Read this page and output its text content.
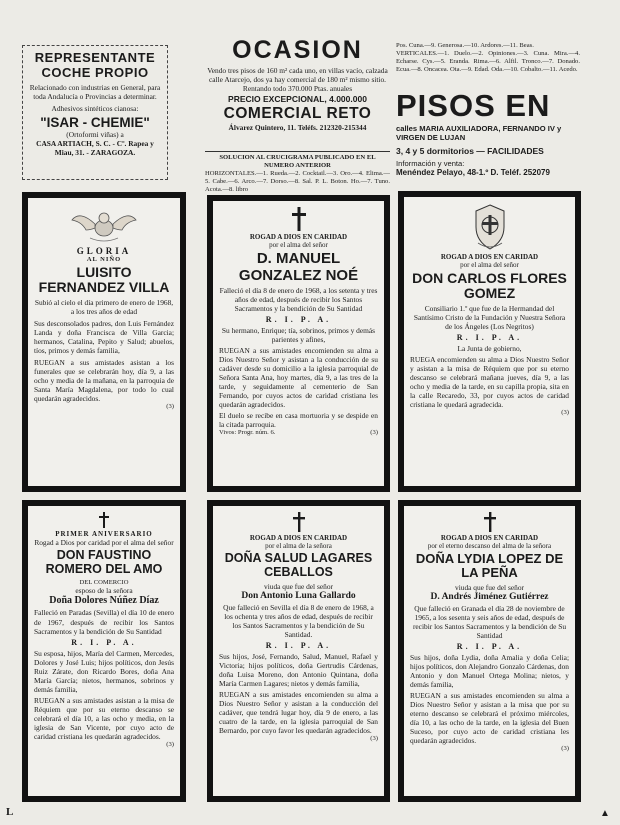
REPRESENTANTE
COCHE PROPIO

Relacionado con industrias en General, para toda Andalucía o Provincias a determinar.

Adhesivos sintéticos cianosa:

"ISAR - CHEMIE"

(Ortoformi viñas) a

CASA ARTIACH, S. C. - Cº. Rapea y Miau, 31. - ZARAGOZA.

OCASION

Vendo tres pisos de 160 m² cada uno, en villas vacío, calzada calle Atarcejo, dos ya hay comercial de 180 m² mismo sitio. Rentando todo 370.000 Ptas. anuales

PRECIO EXCEPCIONAL, 4.000.000
COMERCIAL RETO

Álvarez Quintero, 11. Teléfs. 212320-215344

SOLUCION AL CRUCIGRAMA PUBLICADO EN EL NUMERO ANTERIOR

HORIZONTALES.—1. Rueda.—2. Cocktail.—3. Oro.—4. Elima.—5. Cabe.—6. Arco.—7. Dorso.—8. Sal. P. L. Boton. Ho.—7. Tuno. Acota.—8. libro

Pos. Cuna.—9. Generosa.—10. Ardores.—11. Beas.

VERTICALES.—1. Duelo.—2. Opiniones.—3. Cuna. Mira.—4. Echarse. Cys.—5. Eranda. Rima.—6. Alfil. Tronco.—7. Donado. Ecua.—8. Oncacea. Ota.—9. Edad. Oda.—10. Cobalto.—11. Acedo.

PISOS EN

calles MARIA AUXILIADORA, FERNANDO IV y VIRGEN DE LUJAN

3, 4 y 5 dormitorios — FACILIDADES

Información y venta:

Menéndez Pelayo, 48-1.º D. Teléf. 252079

GLORIA
AL NIÑO
LUISITO FERNANDEZ VILLA

Subió al cielo el día primero de enero de 1968, a los tres años de edad

Sus desconsolados padres, don Luis Fernández Landa y doña Francisca de Villa Garcia; hermanos, Catalina, Pepito y Salud; abuelos, tíos, primos y demás familia,

RUEGAN a sus amistades asistan a los funerales que se celebrarán hoy, día 9, a las ocho y media de la mañana, en la parroquia de Santa María Magdalena, por todo lo cual quedarán agradecidos.

(3)
ROGAD A DIOS EN CARIDAD
por el alma del señor
D. MANUEL GONZALEZ NOÉ

Falleció el día 8 de enero de 1968, a los setenta y tres años de edad, después de recibir los Santos Sacramentos y la bendición de Su Santidad

R. I. P. A.

Su hermano, Enrique; tía, sobrinos, primos y demás parientes y afines,

RUEGAN a sus amistades encomienden su alma a Dios Nuestro Señor y asistan a la conducción de su cadáver desde su domicilio a la iglesia parroquial de Señora Santa Ana, hoy martes, día 9, a las tres de la tarde, y seguidamente al cementerio de San Fernando, por cuyos actos de caridad cristiana les quedarán agradecidos.

El duelo se recibe en casa mortuoria y se despide en la citada parroquia.

Vivos: Progr. núm. 6.	(3)
ROGAD A DIOS EN CARIDAD
por el alma del señor
DON CARLOS FLORES GOMEZ

Consiliario 1.º que fue de la Hermandad del Santísimo Cristo de la Fundación y Nuestra Señora de los Ángeles (Los Negritos)

R. I. P. A.

La Junta de gobierno,

RUEGA encomienden su alma a Dios Nuestro Señor y asistan a la misa de Réquiem que por su eterno descanso se celebrará mañana jueves, día 9, a las ocho y media de la tarde, en su capilla propia, sita en la calle Recaredo, 33, por cuyos actos de caridad cristiana le quedará agradecida.

(3)
PRIMER ANIVERSARIO
Rogad a Dios por caridad por el alma del señor
DON FAUSTINO ROMERO DEL AMO
DEL COMERCIO
esposo de la señora
Doña Dolores Núñez Díaz

Falleció en Paradas (Sevilla) el día 10 de enero de 1967, después de recibir los Santos Sacramentos y la bendición de Su Santidad

R. I. P. A.

Su esposa, hijos, María del Carmen, Mercedes, Dolores y José Luis; hijos políticos, don Jesús Ruiz Zárate, don Ricardo Bores, doña Ana María García; nietos, hermanos, sobrinos y demás familia,

RUEGAN a sus amistades asistan a la misa de Réquiem que por su eterno descanso se celebrará el día 10, a las ocho y media, en la iglesia de San Vicente, por cuyo acto de caridad cristiana les quedarán agradecidos.

(3)
ROGAD A DIOS EN CARIDAD
por el alma de la señora
DOÑA SALUD LAGARES CEBALLOS
viuda que fue del señor
Don Antonio Luna Gallardo

Que falleció en Sevilla el día 8 de enero de 1968, a los ochenta y tres años de edad, después de recibir los Santos Sacramentos y la bendición de Su Santidad.

R. I. P. A.

Sus hijos, José, Fernando, Salud, Manuel, Rafael y Victoria; hijos políticos, doña Gertrudis Cárdenas, doña Luisa Moreno, don Antonio Quintana, doña María Carmen Lagares; nietos y demás familia,

RUEGAN a sus amistades encomienden su alma a Dios Nuestro Señor y asistan a la conducción del cadáver, que tendrá lugar hoy, día 9 de enero, a las cuatro de la tarde, en la iglesia parroquial de San Bernardo, por cuyo favor les quedarán agradecidos.

(3)
ROGAD A DIOS EN CARIDAD
por el eterno descanso del alma de la señora
DOÑA LYDIA LOPEZ DE LA PEÑA
viuda que fue del señor
D. Andrés Jiménez Gutiérrez

Que falleció en Granada el día 28 de noviembre de 1965, a los sesenta y seis años de edad, después de recibir los Santos Sacramentos y la bendición de Su Santidad

R. I. P. A.

Sus hijos, doña Lydia, doña Amalia y doña Celia; hijos políticos, don Alejandro Gonzalo Cárdenas, don Antonio y don Manuel Ortega Molina; nietos, y demás familia,

RUEGAN a sus amistades encomienden su alma a Dios Nuestro Señor y asistan a la misa que por su eterno descanso se celebrará el próximo miércoles, día 10, a las ocho de la tarde, en la iglesia del Buen Suceso, por cuyo acto de caridad cristiana les quedarán agradecidos.

(3)
L	▲
